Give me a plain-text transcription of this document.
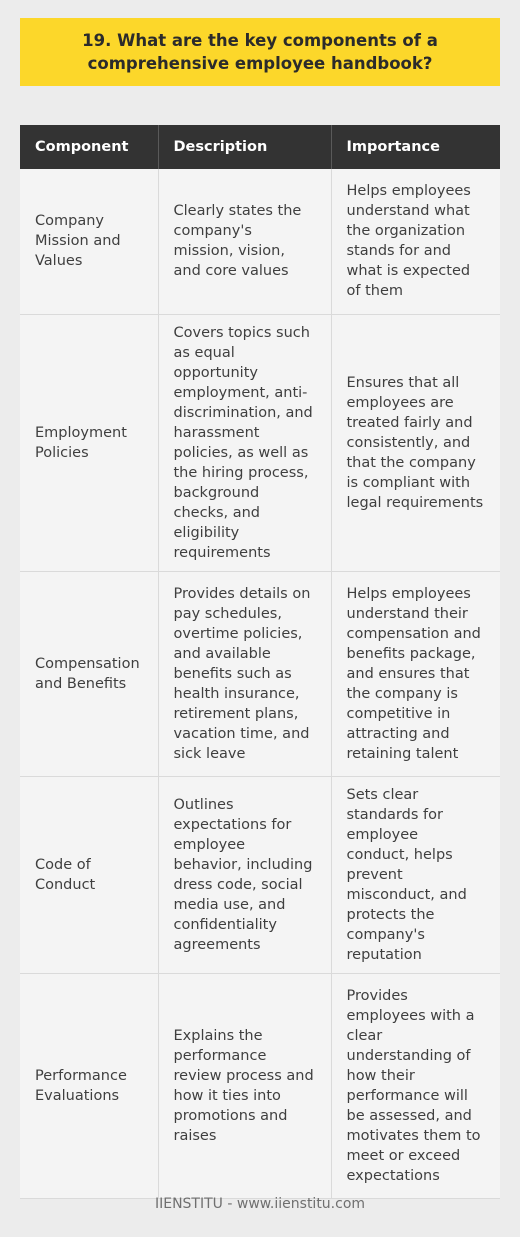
19. What are the key components of a comprehensive employee handbook?
Component	Description	Importance
Company Mission and Values	Clearly states the company's mission, vision, and core values	Helps employees understand what the organization stands for and what is expected of them
Employment Policies	Covers topics such as equal opportunity employment, anti-discrimination, and harassment policies, as well as the hiring process, background checks, and eligibility requirements	Ensures that all employees are treated fairly and consistently, and that the company is compliant with legal requirements
Compensation and Benefits	Provides details on pay schedules, overtime policies, and available benefits such as health insurance, retirement plans, vacation time, and sick leave	Helps employees understand their compensation and benefits package, and ensures that the company is competitive in attracting and retaining talent
Code of Conduct	Outlines expectations for employee behavior, including dress code, social media use, and confidentiality agreements	Sets clear standards for employee conduct, helps prevent misconduct, and protects the company's reputation
Performance Evaluations	Explains the performance review process and how it ties into promotions and raises	Provides employees with a clear understanding of how their performance will be assessed, and motivates them to meet or exceed expectations
IIENSTITU - www.iienstitu.com
